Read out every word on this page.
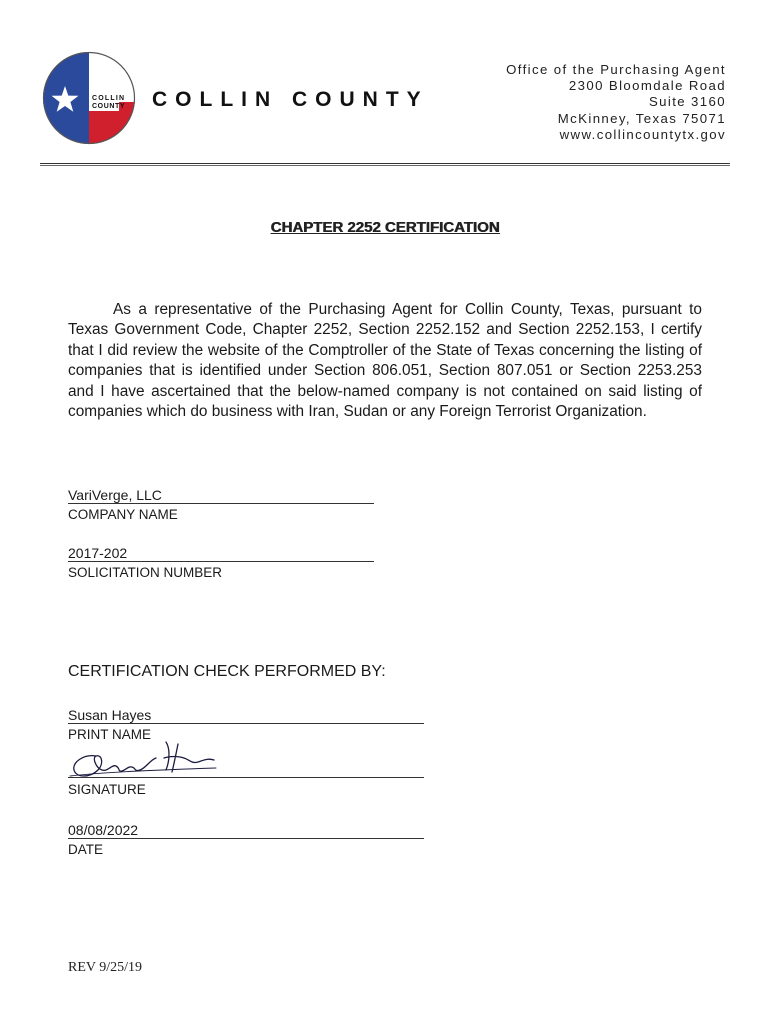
COLLIN
COUNTY COLLIN COUNTY
Office of the Purchasing Agent
2300 Bloomdale Road
Suite 3160
McKinney, Texas 75071
www.collincountytx.gov
CHAPTER 2252 CERTIFICATION
As a representative of the Purchasing Agent for Collin County, Texas, pursuant to Texas Government Code, Chapter 2252, Section 2252.152 and Section 2252.153, I certify that I did review the website of the Comptroller of the State of Texas concerning the listing of companies that is identified under Section 806.051, Section 807.051 or Section 2253.253 and I have ascertained that the below-named company is not contained on said listing of companies which do business with Iran, Sudan or any Foreign Terrorist Organization.
VariVerge, LLC
COMPANY NAME
2017-202
SOLICITATION NUMBER
CERTIFICATION CHECK PERFORMED BY:
Susan Hayes
PRINT NAME
SIGNATURE
08/08/2022
DATE
REV 9/25/19
